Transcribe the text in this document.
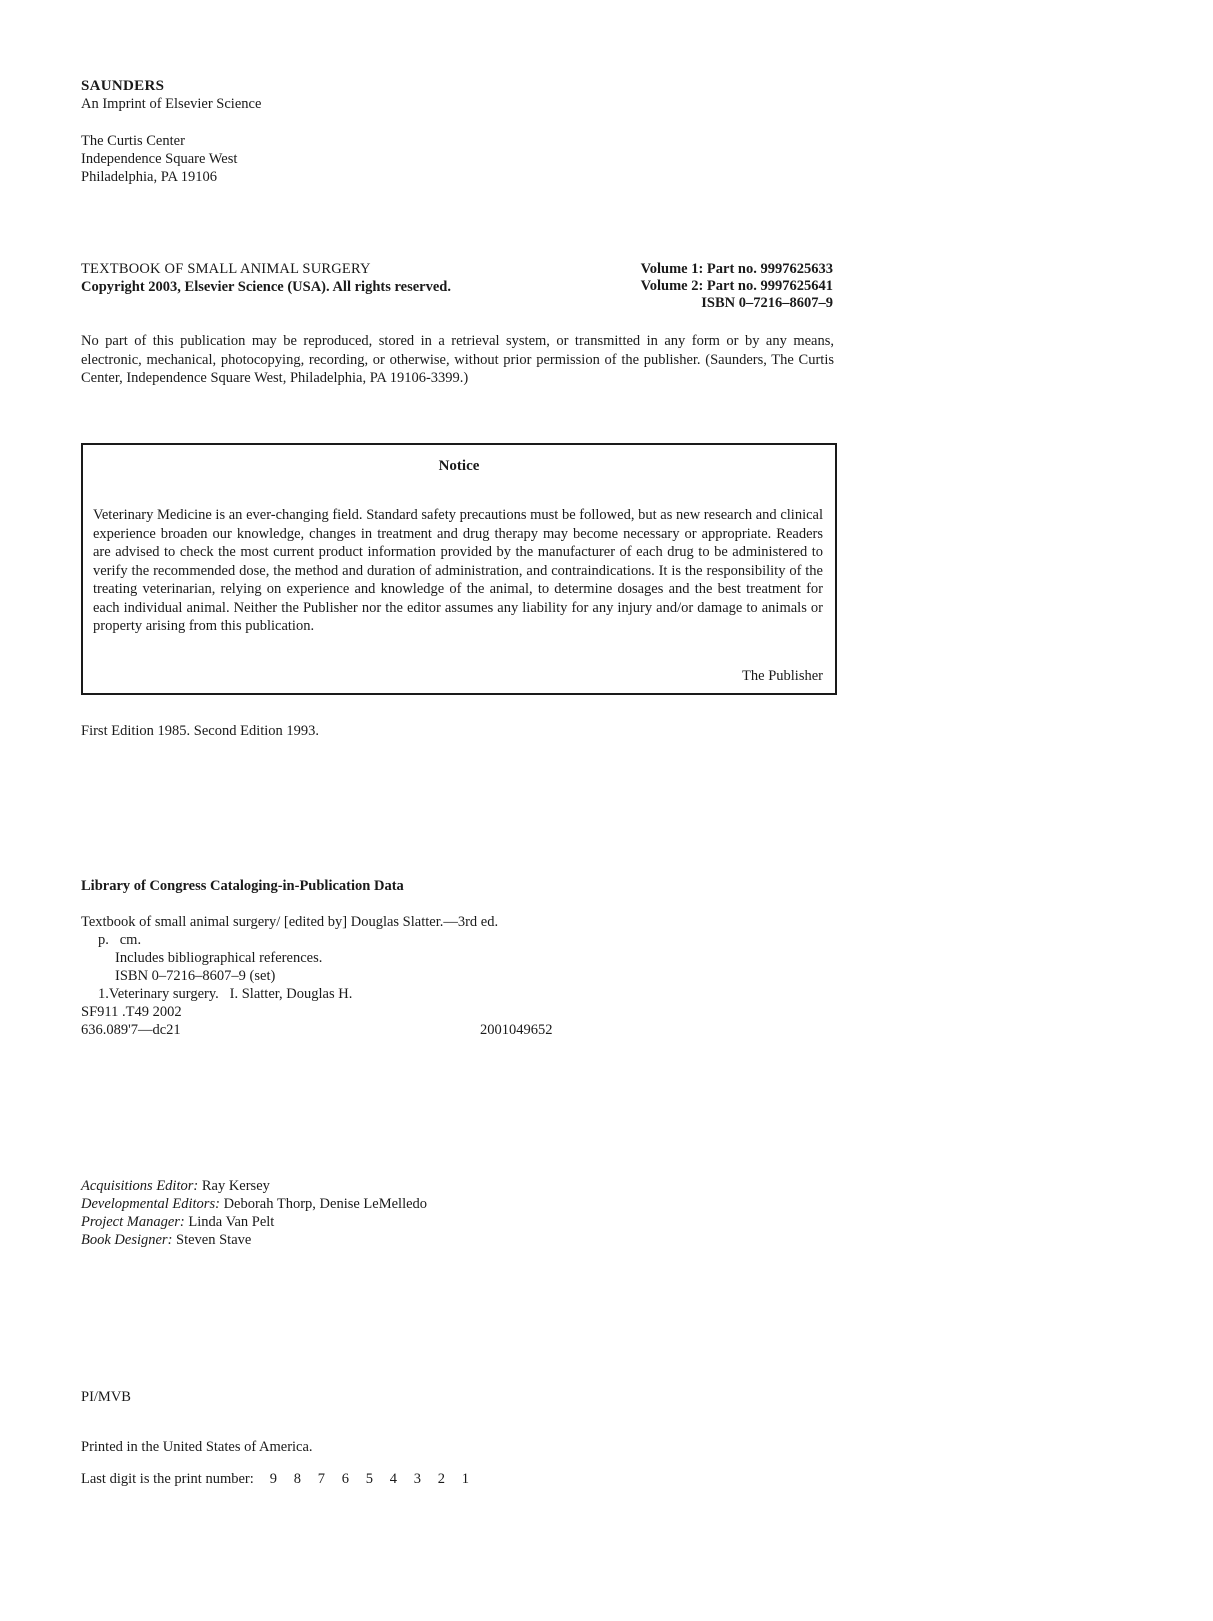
SAUNDERS
An Imprint of Elsevier Science
The Curtis Center
Independence Square West
Philadelphia, PA 19106
TEXTBOOK OF SMALL ANIMAL SURGERY
Copyright 2003, Elsevier Science (USA). All rights reserved.
Volume 1: Part no. 9997625633
Volume 2: Part no. 9997625641
ISBN 0–7216–8607–9
No part of this publication may be reproduced, stored in a retrieval system, or transmitted in any form or by any means, electronic, mechanical, photocopying, recording, or otherwise, without prior permission of the publisher. (Saunders, The Curtis Center, Independence Square West, Philadelphia, PA 19106-3399.)
Notice
Veterinary Medicine is an ever-changing field. Standard safety precautions must be followed, but as new research and clinical experience broaden our knowledge, changes in treatment and drug therapy may become necessary or appropriate. Readers are advised to check the most current product information provided by the manufacturer of each drug to be administered to verify the recommended dose, the method and duration of administration, and contraindications. It is the responsibility of the treating veterinarian, relying on experience and knowledge of the animal, to determine dosages and the best treatment for each individual animal. Neither the Publisher nor the editor assumes any liability for any injury and/or damage to animals or property arising from this publication.
The Publisher
First Edition 1985. Second Edition 1993.
Library of Congress Cataloging-in-Publication Data
Textbook of small animal surgery/ [edited by] Douglas Slatter.—3rd ed.
p.   cm.
Includes bibliographical references.
ISBN 0–7216–8607–9 (set)
1.Veterinary surgery.   I. Slatter, Douglas H.
SF911 .T49 2002
636.089'7—dc21	2001049652
Acquisitions Editor: Ray Kersey
Developmental Editors: Deborah Thorp, Denise LeMelledo
Project Manager: Linda Van Pelt
Book Designer: Steven Stave
PI/MVB
Printed in the United States of America.
Last digit is the print number: 9 8 7 6 5 4 3 2 1
